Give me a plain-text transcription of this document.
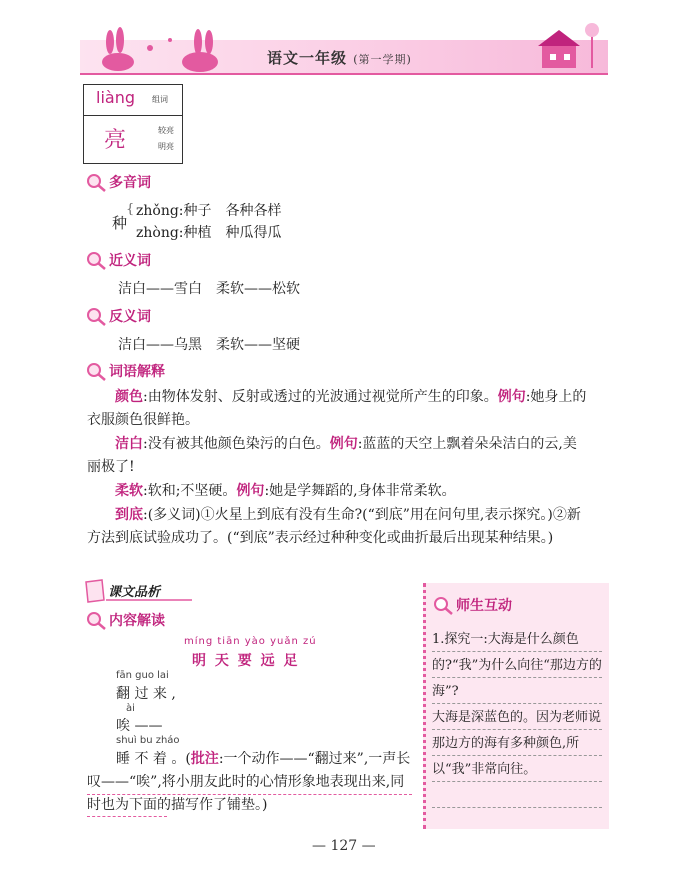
语文一年级 (第一学期)
liàng 组词
亮	较亮
明亮
多音词
种
{ zhǒng:种子　各种各样
zhòng:种植　种瓜得瓜
近义词
洁白——雪白　柔软——松软
反义词
洁白——乌黑　柔软——坚硬
词语解释
颜色:由物体发射、反射或透过的光波通过视觉所产生的印象。例句:她身上的衣服颜色很鲜艳。
洁白:没有被其他颜色染污的白色。例句:蓝蓝的天空上飘着朵朵洁白的云,美丽极了!
柔软:软和;不坚硬。例句:她是学舞蹈的,身体非常柔软。
到底:(多义词)①火星上到底有没有生命?(“到底”用在问句里,表示探究。)②新方法到底试验成功了。(“到底”表示经过种种变化或曲折最后出现某种结果。)
课文品析
内容解读
míng tiān yào yuǎn zú
明 天 要 远 足
fān guo lai
翻 过 来 ,
ài
唉 ——
shuì bu zháo
睡 不 着 。(批注:一个动作——“翻过来”,一声长叹——“唉”,将小朋友此时的心情形象地表现出来,同时也为下面的描写作了铺垫。)
师生互动
1.探究一:大海是什么颜色的?“我”为什么向往“那边方的海”?
大海是深蓝色的。因为老师说那边方的海有多种颜色,所以“我”非常向往。
— 127 —
